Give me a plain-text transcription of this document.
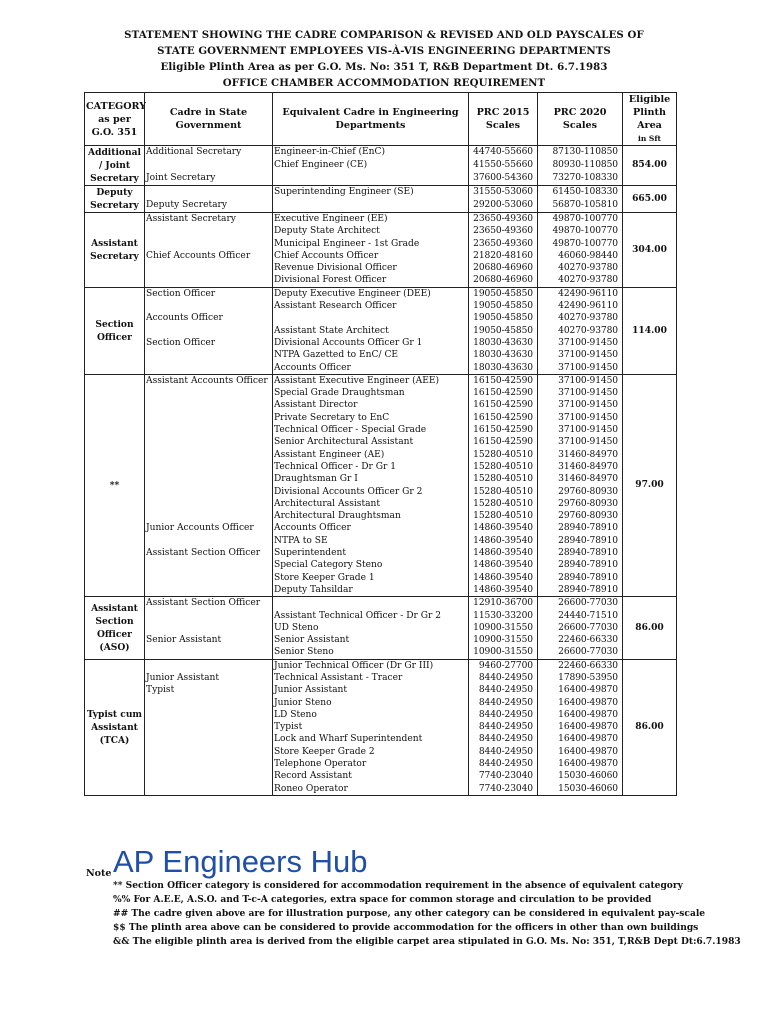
STATEMENT SHOWING THE CADRE COMPARISON & REVISED AND OLD PAYSCALES OF
STATE GOVERNMENT EMPLOYEES VIS-À-VIS ENGINEERING DEPARTMENTS
Eligible Plinth Area as per G.O. Ms. No: 351 T, R&B Department Dt. 6.7.1983
OFFICE CHAMBER ACCOMMODATION REQUIREMENT
CATEGORY as per G.O. 351	Cadre in State Government	Equivalent Cadre in Engineering Departments	PRC 2015 Scales	PRC 2020 Scales	Eligible Plinth Area
in Sft
Additional / Joint Secretary	Additional Secretary	Engineer-in-Chief (EnC)	44740-55660	87130-110850	854.00
		Chief Engineer (CE)	41550-55660	80930-110850	
	Joint Secretary		37600-54360	73270-108330	
Deputy Secretary		Superintending Engineer (SE)	31550-53060	61450-108330	665.00
	Deputy Secretary		29200-53060	56870-105810	
Assistant Secretary	Assistant Secretary	Executive Engineer (EE)	23650-49360	49870-100770	304.00
		Deputy State Architect	23650-49360	49870-100770	
		Municipal Engineer - 1st Grade	23650-49360	49870-100770	
	Chief Accounts Officer	Chief Accounts Officer	21820-48160	46060-98440	
		Revenue Divisional Officer	20680-46960	40270-93780	
		Divisional Forest Officer	20680-46960	40270-93780	
Section Officer	Section Officer	Deputy Executive Engineer (DEE)	19050-45850	42490-96110	114.00
		Assistant Research Officer	19050-45850	42490-96110	
	Accounts Officer		19050-45850	40270-93780	
		Assistant State Architect	19050-45850	40270-93780	
	Section Officer	Divisional Accounts Officer Gr 1	18030-43630	37100-91450	
		NTPA Gazetted to EnC/ CE	18030-43630	37100-91450	
		Accounts Officer	18030-43630	37100-91450	
**	Assistant Accounts Officer	Assistant Executive Engineer (AEE)	16150-42590	37100-91450	97.00
		Special Grade Draughtsman	16150-42590	37100-91450	
		Assistant Director	16150-42590	37100-91450	
		Private Secretary to EnC	16150-42590	37100-91450	
		Technical Officer - Special Grade	16150-42590	37100-91450	
		Senior Architectural Assistant	16150-42590	37100-91450	
		Assistant Engineer (AE)	15280-40510	31460-84970	
		Technical Officer - Dr Gr 1	15280-40510	31460-84970	
		Draughtsman Gr I	15280-40510	31460-84970	
		Divisional Accounts Officer Gr 2	15280-40510	29760-80930	
		Architectural Assistant	15280-40510	29760-80930	
		Architectural Draughtsman	15280-40510	29760-80930	
	Junior Accounts Officer	Accounts Officer	14860-39540	28940-78910	
		NTPA to SE	14860-39540	28940-78910	
	Assistant Section Officer	Superintendent	14860-39540	28940-78910	
		Special Category Steno	14860-39540	28940-78910	
		Store Keeper Grade 1	14860-39540	28940-78910	
		Deputy Tahsildar	14860-39540	28940-78910	
Assistant Section Officer (ASO)	Assistant Section Officer		12910-36700	26600-77030	86.00
		Assistant Technical Officer - Dr Gr 2	11530-33200	24440-71510	
		UD Steno	10900-31550	26600-77030	
	Senior Assistant	Senior Assistant	10900-31550	22460-66330	
		Senior Steno	10900-31550	26600-77030	
Typist cum Assistant (TCA)		Junior Technical Officer (Dr Gr III)	9460-27700	22460-66330	86.00
	Junior Assistant	Technical Assistant - Tracer	8440-24950	17890-53950	
	Typist	Junior Assistant	8440-24950	16400-49870	
		Junior Steno	8440-24950	16400-49870	
		LD Steno	8440-24950	16400-49870	
		Typist	8440-24950	16400-49870	
		Lock and Wharf Superintendent	8440-24950	16400-49870	
		Store Keeper Grade 2	8440-24950	16400-49870	
		Telephone Operator	8440-24950	16400-49870	
		Record Assistant	7740-23040	15030-46060	
		Roneo Operator	7740-23040	15030-46060	
Note
** Section Officer category is considered for accommodation requirement in the absence of equivalent category
%% For A.E.E, A.S.O. and T-c-A categories, extra space for common storage and circulation to be provided
## The cadre given above are for illustration purpose, any other category can be considered in equivalent pay-scale
$$ The plinth area above can be considered to provide accommodation for the officers in other than own buildings
&& The eligible plinth area is derived from the eligible carpet area stipulated in G.O. Ms. No: 351, T,R&B Dept Dt:6.7.1983
AP Engineers Hub
